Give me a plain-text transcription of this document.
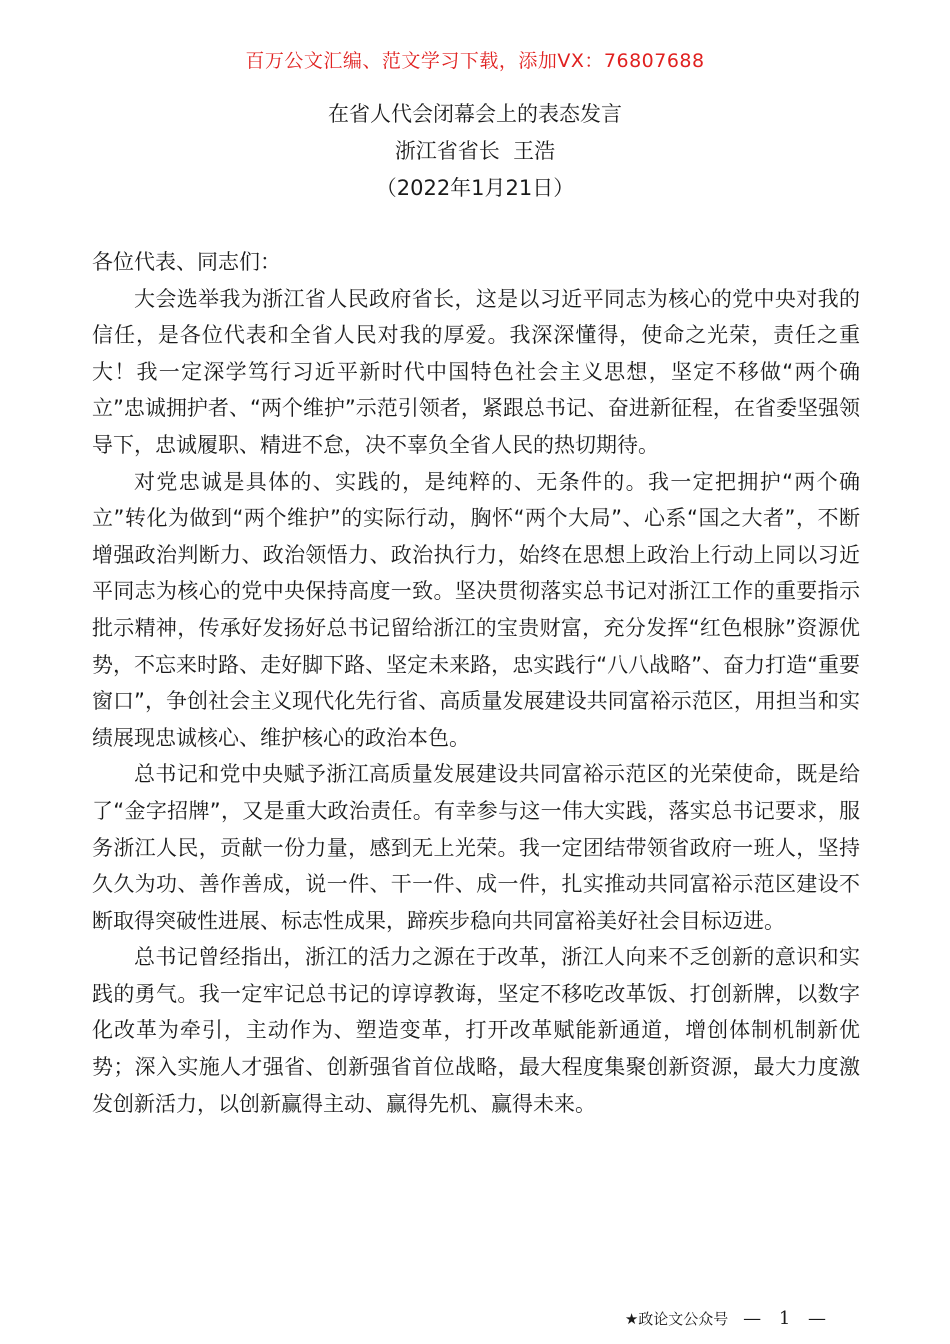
百万公文汇编、范文学习下载，添加VX：76807688
在省人代会闭幕会上的表态发言
浙江省省长  王浩
（2022年1月21日）

各位代表、同志们：

大会选举我为浙江省人民政府省长，这是以习近平同志为核心的党中央对我的信任，是各位代表和全省人民对我的厚爱。我深深懂得，使命之光荣，责任之重大！我一定深学笃行习近平新时代中国特色社会主义思想，坚定不移做“两个确立”忠诚拥护者、“两个维护”示范引领者，紧跟总书记、奋进新征程，在省委坚强领导下，忠诚履职、精进不怠，决不辜负全省人民的热切期待。

对党忠诚是具体的、实践的，是纯粹的、无条件的。我一定把拥护“两个确立”转化为做到“两个维护”的实际行动，胸怀“两个大局”、心系“国之大者”，不断增强政治判断力、政治领悟力、政治执行力，始终在思想上政治上行动上同以习近平同志为核心的党中央保持高度一致。坚决贯彻落实总书记对浙江工作的重要指示批示精神，传承好发扬好总书记留给浙江的宝贵财富，充分发挥“红色根脉”资源优势，不忘来时路、走好脚下路、坚定未来路，忠实践行“八八战略”、奋力打造“重要窗口”，争创社会主义现代化先行省、高质量发展建设共同富裕示范区，用担当和实绩展现忠诚核心、维护核心的政治本色。

总书记和党中央赋予浙江高质量发展建设共同富裕示范区的光荣使命，既是给了“金字招牌”，又是重大政治责任。有幸参与这一伟大实践，落实总书记要求，服务浙江人民，贡献一份力量，感到无上光荣。我一定团结带领省政府一班人，坚持久久为功、善作善成，说一件、干一件、成一件，扎实推动共同富裕示范区建设不断取得突破性进展、标志性成果，蹄疾步稳向共同富裕美好社会目标迈进。

总书记曾经指出，浙江的活力之源在于改革，浙江人向来不乏创新的意识和实践的勇气。我一定牢记总书记的谆谆教诲，坚定不移吃改革饭、打创新牌，以数字化改革为牵引，主动作为、塑造变革，打开改革赋能新通道，增创体制机制新优势；深入实施人才强省、创新强省首位战略，最大程度集聚创新资源，最大力度激发创新活力，以创新赢得主动、赢得先机、赢得未来。

★政论文公众号 — 1 —
